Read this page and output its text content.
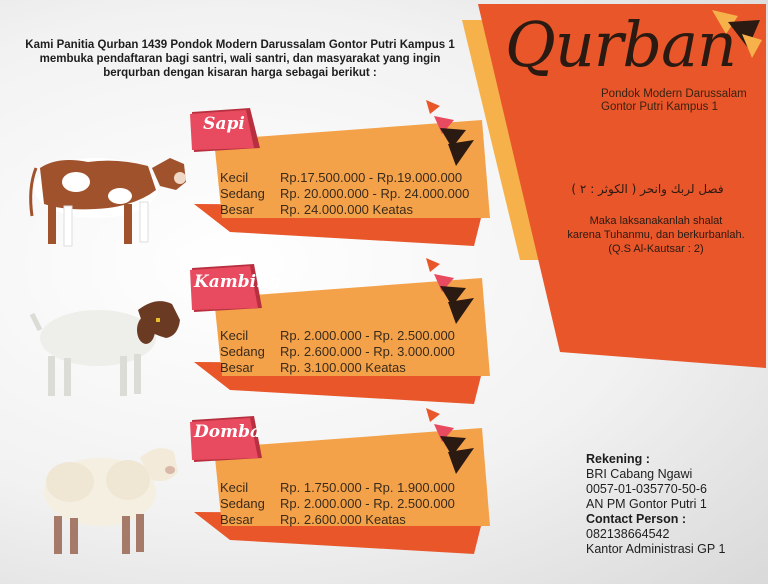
Kami Panitia Qurban 1439 Pondok Modern Darussalam Gontor Putri Kampus 1
membuka pendaftaran bagi santri, wali santri, dan masyarakat yang ingin
berqurban dengan kisaran harga sebagai berikut :	Qurban
Pondok Modern Darussalam
Gontor Putri Kampus 1
فصل لربك وانحر ( الكوثر : ٢ )
Maka laksanakanlah shalat
karena Tuhanmu, dan berkurbanlah.
(Q.S Al-Kautsar : 2)
Sapi
Kecil	Rp.17.500.000 - Rp.19.000.000
Sedang	Rp. 20.000.000 - Rp. 24.000.000
Besar	Rp. 24.000.000 Keatas
Kambing
Kecil	Rp. 2.000.000 - Rp. 2.500.000
Sedang	Rp. 2.600.000 - Rp. 3.000.000
Besar	Rp. 3.100.000 Keatas
Domba
Kecil	Rp. 1.750.000 - Rp. 1.900.000
Sedang	Rp. 2.000.000 - Rp. 2.500.000
Besar	Rp. 2.600.000 Keatas
Rekening :
BRI Cabang Ngawi
0057-01-035770-50-6
AN PM Gontor Putri 1
Contact Person :
082138664542
Kantor Administrasi GP 1
